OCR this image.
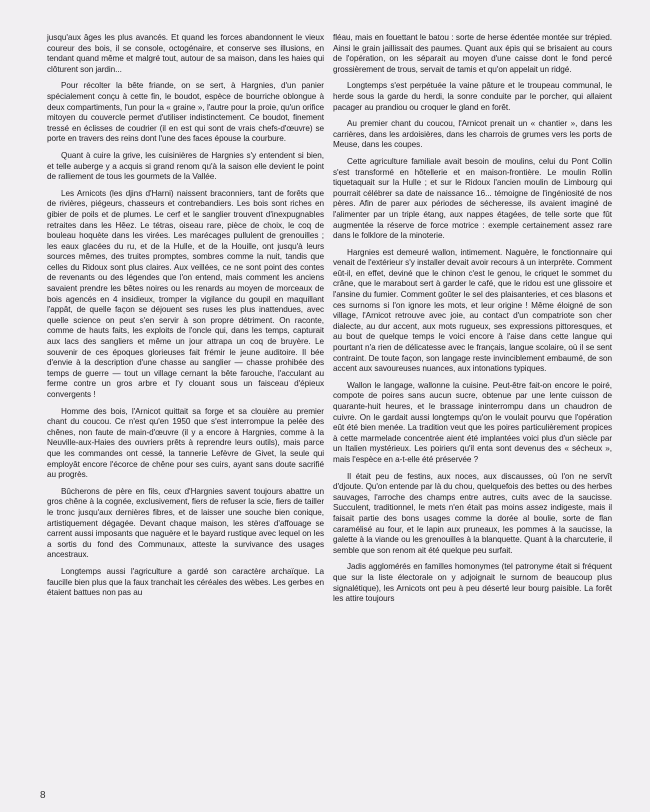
jusqu'aux âges les plus avancés. Et quand les forces abandonnent le vieux coureur des bois, il se console, octogénaire, et conserve ses illusions, en tendant quand même et malgré tout, autour de sa maison, dans les haies qui clôturent son jardin...

Pour récolter la bête friande, on se sert, à Hargnies, d'un panier spécialement conçu à cette fin, le boudot, espèce de bourriche oblongue à deux compartiments, l'un pour la « graine », l'autre pour la proie, qu'un orifice mitoyen du couvercle permet d'utiliser indistinctement. Ce boudot, finement tressé en éclisses de coudrier (il en est qui sont de vrais chefs-d'œuvre) se porte en travers des reins dont l'une des faces épouse la courbure.

Quant à cuire la grive, les cuisinières de Hargnies s'y entendent si bien, et telle auberge y a acquis si grand renom qu'à la saison elle devient le point de ralliement de tous les gourmets de la Vallée.

Les Arnicots (les djins d'Harni) naissent braconniers, tant de forêts que de rivières, piégeurs, chasseurs et contrebandiers. Les bois sont riches en gibier de poils et de plumes. Le cerf et le sanglier trouvent d'inexpugnables retraites dans les Hêez. Le tétras, oiseau rare, pièce de choix, le coq de bouleau hoquète dans les virées. Les marécages pullulent de grenouilles ; les eaux glacées du ru, et de la Hulle, et de la Houille, ont jusqu'à leurs sources mêmes, des truites promptes, sombres comme la nuit, tandis que celles du Ridoux sont plus claires. Aux veillées, ce ne sont point des contes de revenants ou des légendes que l'on entend, mais comment les anciens savaient prendre les bêtes noires ou les renards au moyen de morceaux de bois agencés en 4 insidieux, tromper la vigilance du goupil en maquillant l'appât, de quelle façon se déjouent ses ruses les plus inattendues, avec quelle science on peut s'en servir à son propre détriment. On raconte, comme de hauts faits, les exploits de l'oncle qui, dans les temps, capturait aux lacs des sangliers et même un jour attrapa un coq de bruyère. Le souvenir de ces époques glorieuses fait frémir le jeune auditoire. Il bée d'envie à la description d'une chasse au sanglier — chasse prohibée des temps de guerre — tout un village cernant la bête farouche, l'acculant au ferme contre un gros arbre et l'y clouant sous un faisceau d'épieux convergents !

Homme des bois, l'Arnicot quittait sa forge et sa clouière au premier chant du coucou. Ce n'est qu'en 1950 que s'est interrompue la pelée des chênes, non faute de main-d'œuvre (il y a encore à Hargnies, comme à la Neuville-aux-Haies des ouvriers prêts à reprendre leurs outils), mais parce que les commandes ont cessé, la tannerie Lefèvre de Givet, la seule qui employât encore l'écorce de chêne pour ses cuirs, ayant sans doute sacrifié au progrès.

Bûcherons de père en fils, ceux d'Hargnies savent toujours abattre un gros chêne à la cognée, exclusivement, fiers de refuser la scie, fiers de tailler le tronc jusqu'aux dernières fibres, et de laisser une souche bien conique, artistiquement dégagée. Devant chaque maison, les stères d'affouage se carrent aussi imposants que naguère et le bayard rustique avec lequel on les a sortis du fond des Communaux, atteste la survivance des usages ancestraux.

Longtemps aussi l'agriculture a gardé son caractère archaïque. La faucille bien plus que la faux tranchait les céréales des wèbes. Les gerbes en étaient battues non pas au

fléau, mais en fouettant le batou : sorte de herse édentée montée sur trépied. Ainsi le grain jaillissait des paumes. Quant aux épis qui se brisaient au cours de l'opération, on les séparait au moyen d'une caisse dont le fond percé grossièrement de trous, servait de tamis et qu'on appelait un ridgé.

Longtemps s'est perpétuée la vaine pâture et le troupeau communal, le herde sous la garde du herdi, la sonre conduite par le porcher, qui allaient pacager au prandiou ou croquer le gland en forêt.

Au premier chant du coucou, l'Arnicot prenait un « chantier », dans les carrières, dans les ardoisières, dans les charrois de grumes vers les ports de Meuse, dans les coupes.

Cette agriculture familiale avait besoin de moulins, celui du Pont Collin s'est transformé en hôtellerie et en maison-frontière. Le moulin Rollin tiquetaquait sur la Hulle ; et sur le Ridoux l'ancien moulin de Limbourg qui pourrait célébrer sa date de naissance 16... témoigne de l'ingéniosité de nos pères. Afin de parer aux périodes de sécheresse, ils avaient imaginé de l'alimenter par un triple étang, aux nappes étagées, de telle sorte que fût augmentée la réserve de force motrice : exemple certainement assez rare dans le folklore de la minoterie.

Hargnies est demeuré wallon, intimement. Naguère, le fonctionnaire qui venait de l'extérieur s'y installer devait avoir recours à un interprète. Comment eût-il, en effet, deviné que le chinon c'est le genou, le criquet le sommet du crâne, que le marabout sert à garder le café, que le ridou est une glissoire et l'ansine du fumier. Comment goûter le sel des plaisanteries, et ces blasons et ces surnoms si l'on ignore les mots, et leur origine ! Même éloigné de son village, l'Arnicot retrouve avec joie, au contact d'un compatriote son cher dialecte, au dur accent, aux mots rugueux, ses expressions pittoresques, et au bout de quelque temps le voici encore à l'aise dans cette langue qui pourtant n'a rien de délicatesse avec le français, langue scolaire, où il se sent contraint. De toute façon, son langage reste invinciblement embaumé, de son accent aux savoureuses nuances, aux intonations typiques.

Wallon le langage, wallonne la cuisine. Peut-être fait-on encore le poiré, compote de poires sans aucun sucre, obtenue par une lente cuisson de quarante-huit heures, et le brassage ininterrompu dans un chaudron de cuivre. On le gardait aussi longtemps qu'on le voulait pourvu que l'opération eût été bien menée. La tradition veut que les poires particulièrement propices à cette marmelade concentrée aient été implantées voici plus d'un siècle par un Italien mystérieux. Les poiriers qu'il enta sont devenus des « sécheux », mais l'espèce en a-t-elle été préservée ?

Il était peu de festins, aux noces, aux discausses, où l'on ne servît d'djoute. Qu'on entende par là du chou, quelquefois des bettes ou des herbes sauvages, l'arroche des champs entre autres, cuits avec de la saucisse. Succulent, traditionnel, le mets n'en était pas moins assez indigeste, mais il faisait partie des bons usages comme la dorée al boulie, sorte de flan caramélisé au four, et le lapin aux pruneaux, les pommes à la saucisse, la galette à la viande ou les grenouilles à la blanquette. Quant à la charcuterie, il semble que son renom ait été quelque peu surfait.

Jadis agglomérés en familles homonymes (tel patronyme était si fréquent que sur la liste électorale on y adjoignait le surnom de beaucoup plus signalétique), les Arnicots ont peu à peu déserté leur bourg paisible. La forêt les attire toujours

8
